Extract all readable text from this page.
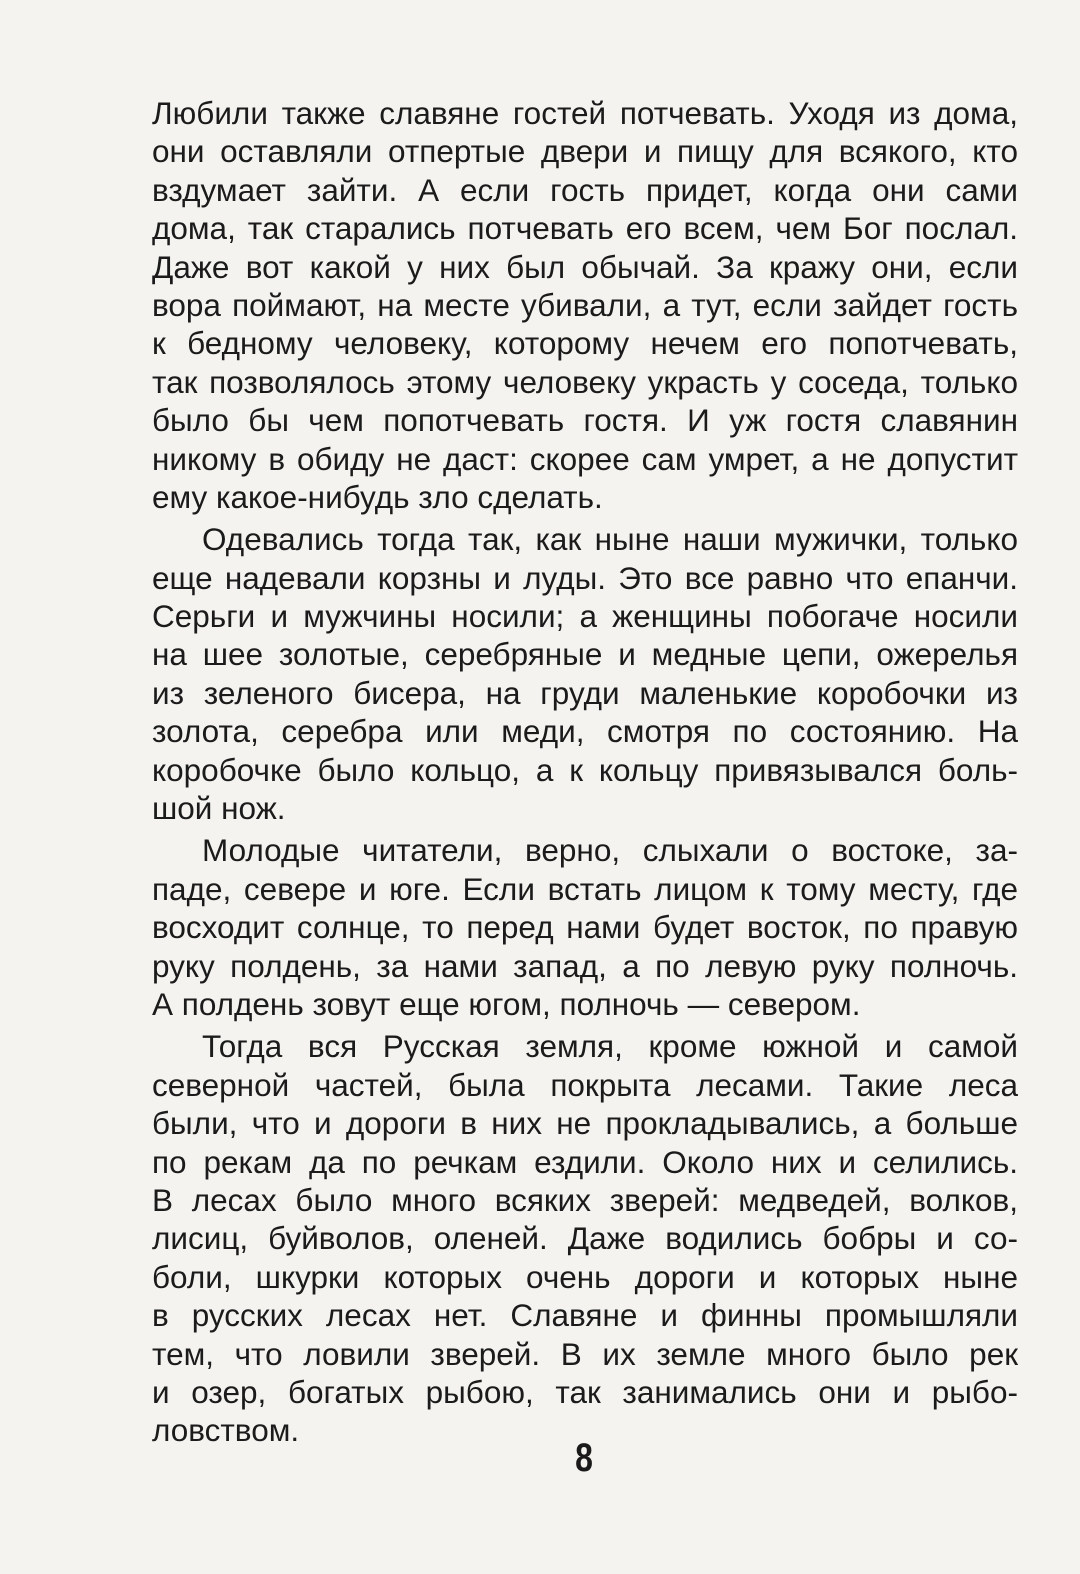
Любили также славяне гостей потчевать. Уходя из дома,
они оставляли отпертые двери и пищу для всякого, кто
вздумает зайти. А если гость придет, когда они сами
дома, так старались потчевать его всем, чем Бог послал.
Даже вот какой у них был обычай. За кражу они, если
вора поймают, на месте убивали, а тут, если зайдет гость
к бедному человеку, которому нечем его попотчевать,
так позволялось этому человеку украсть у соседа, только
было бы чем попотчевать гостя. И уж гостя славянин
никому в обиду не даст: скорее сам умрет, а не допустит
ему какое-нибудь зло сделать.
Одевались тогда так, как ныне наши мужички, только
еще надевали корзны и луды. Это все равно что епанчи.
Серьги и мужчины носили; а женщины побогаче носили
на шее золотые, серебряные и медные цепи, ожерелья
из зеленого бисера, на груди маленькие коробочки из
золота, серебра или меди, смотря по состоянию. На
коробочке было кольцо, а к кольцу привязывался боль-
шой нож.
Молодые читатели, верно, слыхали о востоке, за-
паде, севере и юге. Если встать лицом к тому месту, где
восходит солнце, то перед нами будет восток, по правую
руку полдень, за нами запад, а по левую руку полночь.
А полдень зовут еще югом, полночь — севером.
Тогда вся Русская земля, кроме южной и самой
северной частей, была покрыта лесами. Такие леса
были, что и дороги в них не прокладывались, а больше
по рекам да по речкам ездили. Около них и селились.
В лесах было много всяких зверей: медведей, волков,
лисиц, буйволов, оленей. Даже водились бобры и со-
боли, шкурки которых очень дороги и которых ныне
в русских лесах нет. Славяне и финны промышляли
тем, что ловили зверей. В их земле много было рек
и озер, богатых рыбою, так занимались они и рыбо-
ловством.
8
